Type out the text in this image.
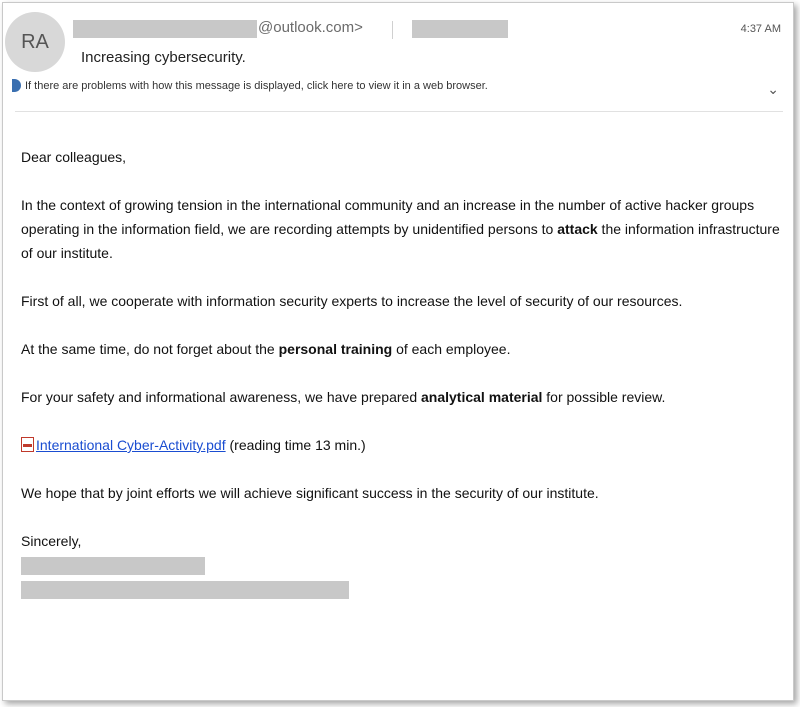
RA
@outlook.com>	4:37 AM
Increasing cybersecurity.
If there are problems with how this message is displayed, click here to view it in a web browser.	⌄

Dear colleagues,

In the context of growing tension in the international community and an increase in the number of active hacker groups operating in the information field, we are recording attempts by unidentified persons to attack the information infrastructure of our institute.

First of all, we cooperate with information security experts to increase the level of security of our resources.

At the same time, do not forget about the personal training of each employee.

For your safety and informational awareness, we have prepared analytical material for possible review.

International Cyber-Activity.pdf (reading time 13 min.)

We hope that by joint efforts we will achieve significant success in the security of our institute.

Sincerely,
